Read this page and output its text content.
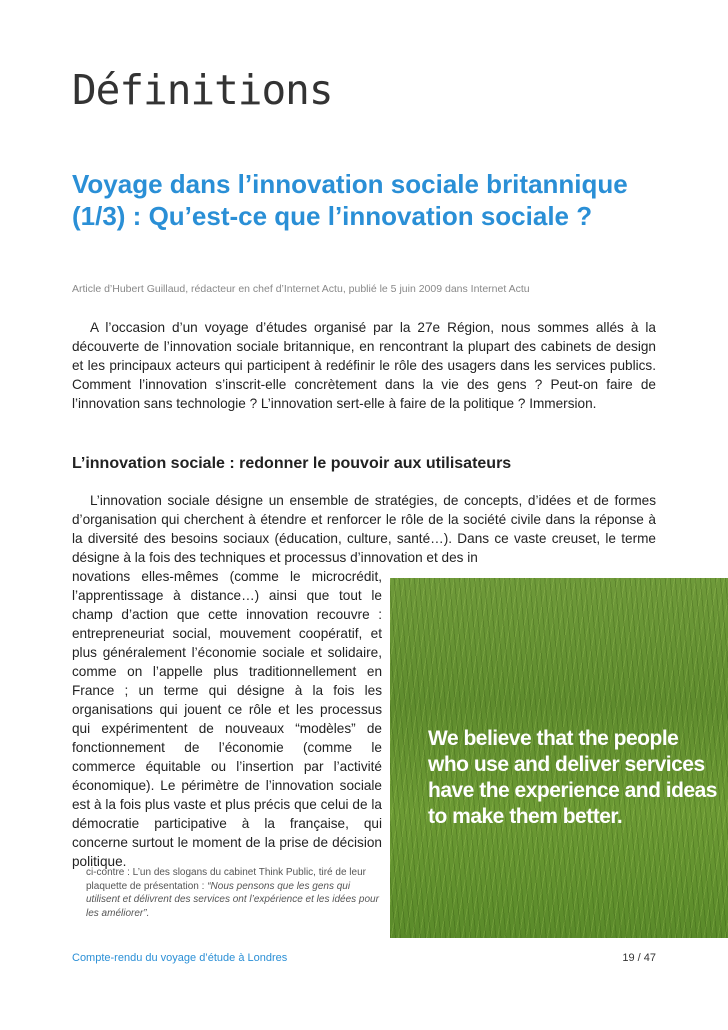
Définitions
Voyage dans l’innovation sociale britannique (1/3) : Qu’est-ce que l’innovation sociale ?
Article d’Hubert Guillaud, rédacteur en chef d’Internet Actu, publié le 5 juin 2009 dans Internet Actu

A l’occasion d’un voyage d’études organisé par la 27e Région, nous sommes allés à la découverte de l’innovation sociale britannique, en rencontrant la plupart des cabinets de design et les principaux acteurs qui participent à redéfinir le rôle des usagers dans les services publics. Comment l’innovation s’inscrit-elle concrètement dans la vie des gens ? Peut-on faire de l’innovation sans technologie ? L’innovation sert-elle à faire de la politique ? Immersion.

L’innovation sociale : redonner le pouvoir aux utilisateurs

L’innovation sociale désigne un ensemble de stratégies, de concepts, d’idées et de formes d’organisation qui cherchent à étendre et renforcer le rôle de la société civile dans la réponse à la diversité des besoins sociaux (éducation, culture, santé…). Dans ce vaste creuset, le terme désigne à la fois des techniques et processus d’innovation et des in

novations elles-mêmes (comme le microcrédit, l’apprentissage à distance…) ainsi que tout le champ d’action que cette innovation recouvre : entrepreneuriat social, mouvement coopératif, et plus généralement l’économie sociale et solidaire, comme on l’appelle plus traditionnellement en France ; un terme qui désigne à la fois les organisations qui jouent ce rôle et les processus qui expérimentent de nouveaux “modèles” de fonctionnement de l’économie (comme le commerce équitable ou l’insertion par l’activité économique). Le périmètre de l’innovation sociale est à la fois plus vaste et plus précis que celui de la démocratie participative à la française, qui concerne surtout le moment de la prise de décision politique.

We believe that the people who use and deliver services have the experience and ideas to make them better.

ci-contre : L’un des slogans du cabinet Think Public, tiré de leur plaquette de présentation : “Nous pensons que les gens qui utilisent et délivrent des services ont l’expérience et les idées pour les améliorer”.

Compte-rendu du voyage d’étude à Londres	19 / 47
